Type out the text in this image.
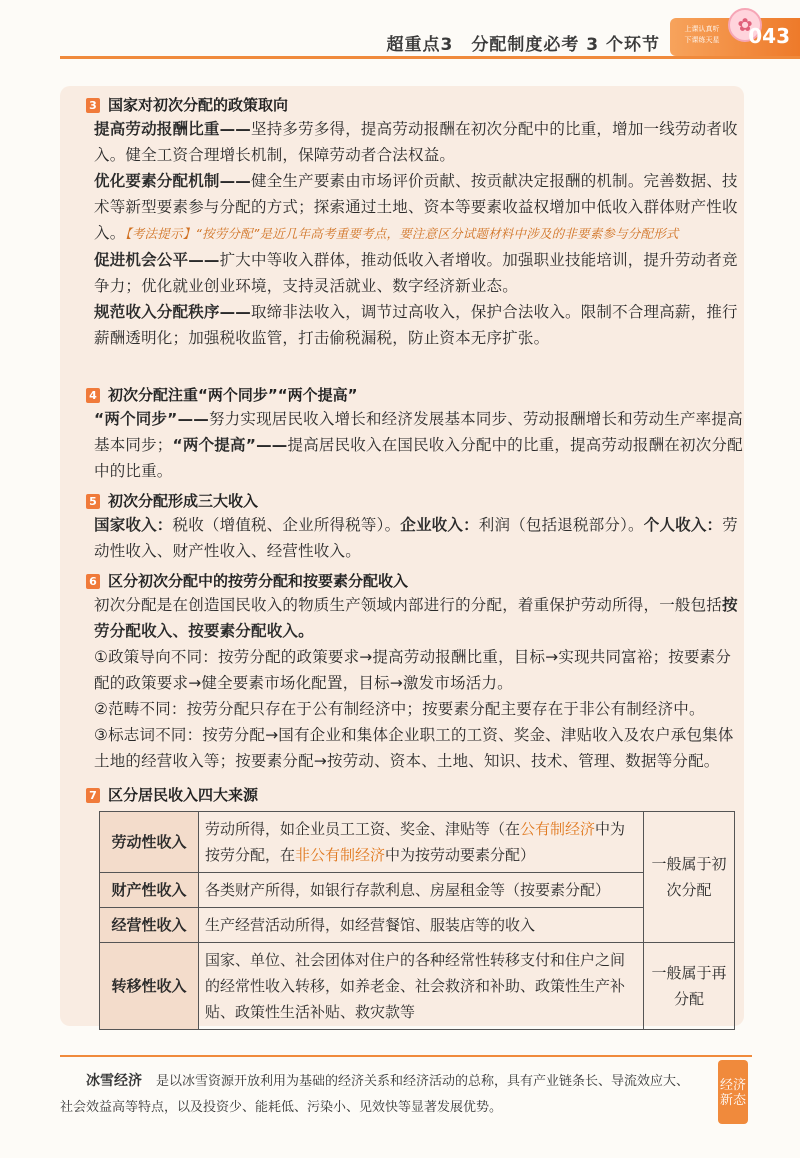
超重点3　分配制度必考 3 个环节
上课认真听
下课练天星
✿
043
3 国家对初次分配的政策取向

提高劳动报酬比重——坚持多劳多得，提高劳动报酬在初次分配中的比重，增加一线劳动者收入。健全工资合理增长机制，保障劳动者合法权益。

优化要素分配机制——健全生产要素由市场评价贡献、按贡献决定报酬的机制。完善数据、技术等新型要素参与分配的方式；探索通过土地、资本等要素收益权增加中低收入群体财产性收入。【考法提示】“按劳分配”是近几年高考重要考点，要注意区分试题材料中涉及的非要素参与分配形式

促进机会公平——扩大中等收入群体，推动低收入者增收。加强职业技能培训，提升劳动者竞争力；优化就业创业环境，支持灵活就业、数字经济新业态。

规范收入分配秩序——取缔非法收入，调节过高收入，保护合法收入。限制不合理高薪，推行薪酬透明化；加强税收监管，打击偷税漏税，防止资本无序扩张。

4 初次分配注重“两个同步”“两个提高”

“两个同步”——努力实现居民收入增长和经济发展基本同步、劳动报酬增长和劳动生产率提高基本同步；“两个提高”——提高居民收入在国民收入分配中的比重，提高劳动报酬在初次分配中的比重。

5 初次分配形成三大收入

国家收入：税收（增值税、企业所得税等）。企业收入：利润（包括退税部分）。个人收入：劳动性收入、财产性收入、经营性收入。

6 区分初次分配中的按劳分配和按要素分配收入

初次分配是在创造国民收入的物质生产领域内部进行的分配，着重保护劳动所得，一般包括按劳分配收入、按要素分配收入。

①政策导向不同：按劳分配的政策要求→提高劳动报酬比重，目标→实现共同富裕；按要素分配的政策要求→健全要素市场化配置，目标→激发市场活力。

②范畴不同：按劳分配只存在于公有制经济中；按要素分配主要存在于非公有制经济中。

③标志词不同：按劳分配→国有企业和集体企业职工的工资、奖金、津贴收入及农户承包集体土地的经营收入等；按要素分配→按劳动、资本、土地、知识、技术、管理、数据等分配。

7 区分居民收入四大来源
劳动性收入	劳动所得，如企业员工工资、奖金、津贴等（在公有制经济中为按劳分配，在非公有制经济中为按劳动要素分配）	一般属于初次分配
财产性收入	各类财产所得，如银行存款利息、房屋租金等（按要素分配）	
经营性收入	生产经营活动所得，如经营餐馆、服装店等的收入	
转移性收入	国家、单位、社会团体对住户的各种经常性转移支付和住户之间的经常性收入转移，如养老金、社会救济和补助、政策性生产补贴、政策性生活补贴、救灾款等	一般属于再分配
冰雪经济 是以冰雪资源开放利用为基础的经济关系和经济活动的总称，具有产业链条长、导流效应大、社会效益高等特点，以及投资少、能耗低、污染小、见效快等显著发展优势。
经济新态
